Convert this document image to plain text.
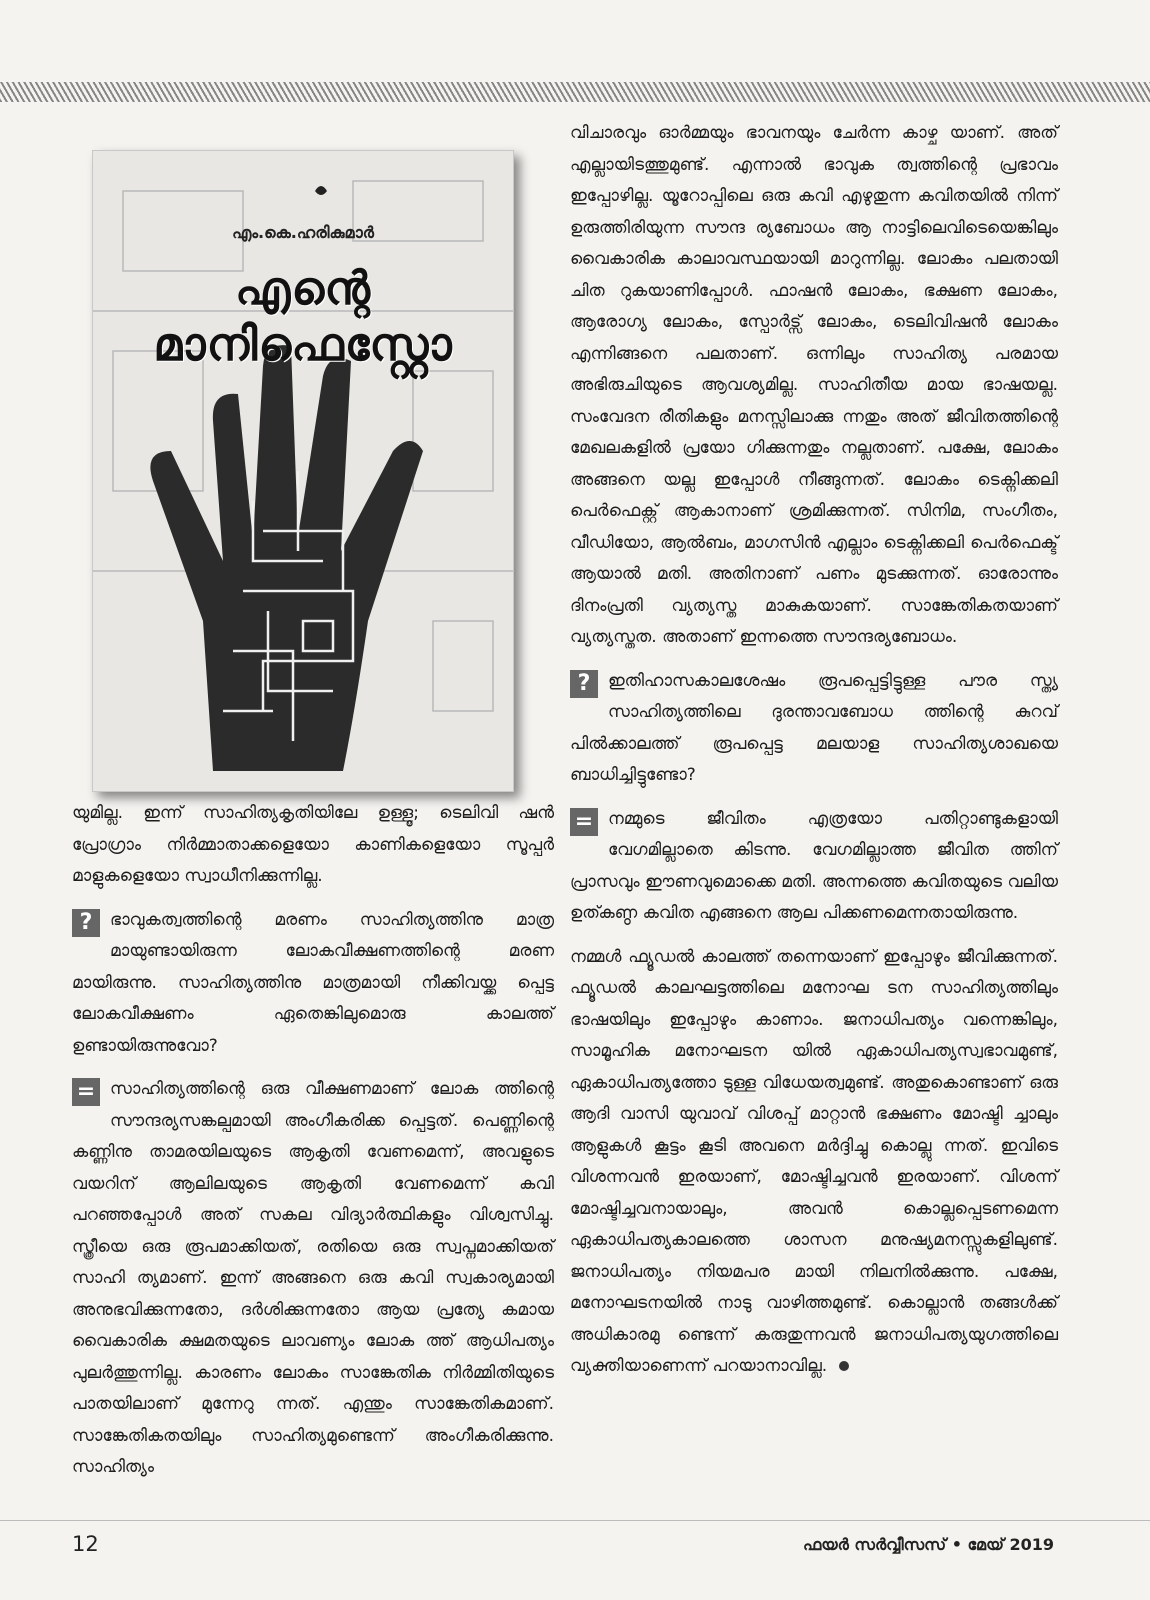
എം.കെ.ഹരികുമാർ
എന്റെ മാനിഫെസ്റ്റോ

യുമില്ല. ഇന്ന് സാഹിത്യകൃതിയിലേ ഉള്ളൂ; ടെലിവി ഷൻ പ്രോഗ്രാം നിർമ്മാതാക്കളെയോ കാണികളെയോ സൂപ്പർ മാളുകളെയോ സ്വാധീനിക്കുന്നില്ല.

?	ഭാവുകത്വത്തിന്റെ മരണം സാഹിത്യത്തിനു മാത്ര മായുണ്ടായിരുന്ന ലോകവീക്ഷണത്തിന്റെ മരണ മായിരുന്നു. സാഹിത്യത്തിനു മാത്രമായി നീക്കിവയ്ക്ക പ്പെട്ട ലോകവീക്ഷണം ഏതെങ്കിലുമൊരു കാലത്ത് ഉണ്ടായിരുന്നുവോ?

= സാഹിത്യത്തിന്റെ ഒരു വീക്ഷണമാണ് ലോക ത്തിന്റെ സൗന്ദര്യസങ്കല്പമായി അംഗീകരിക്ക പ്പെട്ടത്. പെണ്ണിന്റെ കണ്ണിനു താമരയിലയുടെ ആകൃതി വേണമെന്ന്, അവളുടെ വയറിന് ആലിലയുടെ ആകൃതി വേണമെന്ന് കവി പറഞ്ഞപ്പോൾ അത് സകല വിദ്യാർത്ഥികളും വിശ്വസിച്ചു. സ്ത്രീയെ ഒരു രൂപമാക്കിയത്, രതിയെ ഒരു സ്വപ്നമാക്കിയത് സാഹി ത്യമാണ്. ഇന്ന് അങ്ങനെ ഒരു കവി സ്വകാര്യമായി അനുഭവിക്കുന്നതോ, ദർശിക്കുന്നതോ ആയ പ്രത്യേ കമായ വൈകാരിക ക്ഷമതയുടെ ലാവണ്യം ലോക ത്ത് ആധിപത്യം പുലർത്തുന്നില്ല. കാരണം ലോകം സാങ്കേതിക നിർമ്മിതിയുടെ പാതയിലാണ് മുന്നേറു ന്നത്. എന്തും സാങ്കേതികമാണ്. സാങ്കേതികതയിലും സാഹിത്യമുണ്ടെന്ന് അംഗീകരിക്കുന്നു. സാഹിത്യം

വിചാരവും ഓർമ്മയും ഭാവനയും ചേർന്ന കാഴ്ച യാണ്. അത് എല്ലായിടത്തുമുണ്ട്. എന്നാൽ ഭാവുക ത്വത്തിന്റെ പ്രഭാവം ഇപ്പോഴില്ല. യൂറോപ്പിലെ ഒരു കവി എഴുതുന്ന കവിതയിൽ നിന്ന് ഉരുത്തിരിയുന്ന സൗന്ദ ര്യബോധം ആ നാട്ടിലെവിടെയെങ്കിലും വൈകാരിക കാലാവസ്ഥയായി മാറുന്നില്ല. ലോകം പലതായി ചിത റുകയാണിപ്പോൾ. ഫാഷൻ ലോകം, ഭക്ഷണ ലോകം, ആരോഗ്യ ലോകം, സ്പോർട്സ് ലോകം, ടെലിവിഷൻ ലോകം എന്നിങ്ങനെ പലതാണ്. ഒന്നിലും സാഹിത്യ പരമായ അഭിരുചിയുടെ ആവശ്യമില്ല. സാഹിതീയ മായ ഭാഷയല്ല. സംവേദന രീതികളും മനസ്സിലാക്കു ന്നതും അത് ജീവിതത്തിന്റെ മേഖലകളിൽ പ്രയോ ഗിക്കുന്നതും നല്ലതാണ്. പക്ഷേ, ലോകം അങ്ങനെ യല്ല ഇപ്പോൾ നീങ്ങുന്നത്. ലോകം ടെക്നിക്കലി പെർഫെക്റ്റ് ആകാനാണ് ശ്രമിക്കുന്നത്. സിനിമ, സംഗീതം, വീഡിയോ, ആൽബം, മാഗസിൻ എല്ലാം ടെക്നിക്കലി പെർഫെക്ട് ആയാൽ മതി. അതിനാണ് പണം മുടക്കുന്നത്. ഓരോന്നും ദിനംപ്രതി വ്യത്യസ്ത മാകുകയാണ്. സാങ്കേതികതയാണ് വ്യത്യസ്തത. അതാണ് ഇന്നത്തെ സൗന്ദര്യബോധം.

?	ഇതിഹാസകാലശേഷം രൂപപ്പെട്ടിട്ടുള്ള പൗര സ്ത്യ സാഹിത്യത്തിലെ ദുരന്താവബോധ ത്തിന്റെ കുറവ് പിൽക്കാലത്ത് രൂപപ്പെട്ട മലയാള സാഹിത്യശാഖയെ ബാധിച്ചിട്ടുണ്ടോ?

= നമ്മുടെ ജീവിതം എത്രയോ പതിറ്റാണ്ടുകളായി വേഗമില്ലാതെ കിടന്നു. വേഗമില്ലാത്ത ജീവിത ത്തിന് പ്രാസവും ഈണവുമൊക്കെ മതി. അന്നത്തെ കവിതയുടെ വലിയ ഉത്കണ്ഠ കവിത എങ്ങനെ ആല പിക്കണമെന്നതായിരുന്നു.

നമ്മൾ ഫ്യൂഡൽ കാലത്ത് തന്നെയാണ് ഇപ്പോഴും ജീവിക്കുന്നത്. ഫ്യൂഡൽ കാലഘട്ടത്തിലെ മനോഘ ടന സാഹിത്യത്തിലും ഭാഷയിലും ഇപ്പോഴും കാണാം. ജനാധിപത്യം വന്നെങ്കിലും, സാമൂഹിക മനോഘടന യിൽ ഏകാധിപത്യസ്വഭാവമുണ്ട്, ഏകാധിപത്യത്തോ ടുള്ള വിധേയത്വമുണ്ട്. അതുകൊണ്ടാണ് ഒരു ആദി വാസി യുവാവ് വിശപ്പ് മാറ്റാൻ ഭക്ഷണം മോഷ്ടി ച്ചാലും ആളുകൾ കൂട്ടം കൂടി അവനെ മർദ്ദിച്ചു കൊല്ലു ന്നത്. ഇവിടെ വിശന്നവൻ ഇരയാണ്, മോഷ്ടിച്ചവൻ ഇരയാണ്. വിശന്ന് മോഷ്ടിച്ചവനായാലും, അവൻ കൊല്ലപ്പെടണമെന്ന ഏകാധിപത്യകാലത്തെ ശാസന മനുഷ്യമനസ്സുകളിലുണ്ട്. ജനാധിപത്യം നിയമപര മായി നിലനിൽക്കുന്നു. പക്ഷേ, മനോഘടനയിൽ നാടു വാഴിത്തമുണ്ട്. കൊല്ലാൻ തങ്ങൾക്ക് അധികാരമു ണ്ടെന്ന് കരുതുന്നവൻ ജനാധിപത്യയുഗത്തിലെ വ്യക്തിയാണെന്ന് പറയാനാവില്ല.

12	ഫയർ സർവ്വീസസ് • മേയ് 2019
